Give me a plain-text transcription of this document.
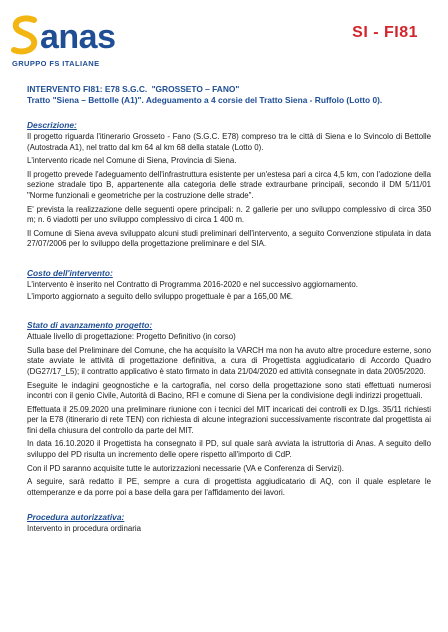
anas
GRUPPO FS ITALIANE
SI - FI81
INTERVENTO FI81: E78 S.G.C. "GROSSETO – FANO"
Tratto "Siena – Bettolle (A1)". Adeguamento a 4 corsie del Tratto Siena - Ruffolo (Lotto 0).
Descrizione:
Il progetto riguarda l'itinerario Grosseto - Fano (S.G.C. E78) compreso tra le città di Siena e lo Svincolo di Bettolle (Autostrada A1), nel tratto dal km 64 al km 68 della statale (Lotto 0).
L'intervento ricade nel Comune di Siena, Provincia di Siena.
Il progetto prevede l'adeguamento dell'infrastruttura esistente per un'estesa pari a circa 4,5 km, con l'adozione della sezione stradale tipo B, appartenente alla categoria delle strade extraurbane principali, secondo il DM 5/11/01 "Norme funzionali e geometriche per la costruzione delle strade".
E' prevista la realizzazione delle seguenti opere principali: n. 2 gallerie per uno sviluppo complessivo di circa 350 m; n. 6 viadotti per uno sviluppo complessivo di circa 1 400 m.
Il Comune di Siena aveva sviluppato alcuni studi preliminari dell'intervento, a seguito Convenzione stipulata in data 27/07/2006 per lo sviluppo della progettazione preliminare e del SIA.
Costo dell'intervento:
L'intervento è inserito nel Contratto di Programma 2016-2020 e nel successivo aggiornamento.
L'importo aggiornato a seguito dello sviluppo progettuale è par a 165,00 M€.
Stato di avanzamento progetto:
Attuale livello di progettazione: Progetto Definitivo (in corso)
Sulla base del Preliminare del Comune, che ha acquisito la VARCH ma non ha avuto altre procedure esterne, sono state avviate le attività di progettazione definitiva, a cura di Progettista aggiudicatario di Accordo Quadro (DG27/17_L5); il contratto applicativo è stato firmato in data 21/04/2020 ed attività consegnate in data 20/05/2020.
Eseguite le indagini geognostiche e la cartografia, nel corso della progettazione sono stati effettuati numerosi incontri con il genio Civile, Autorità di Bacino, RFI e comune di Siena per la condivisione degli indirizzi progettuali.
Effettuata il 25.09.2020 una preliminare riunione con i tecnici del MIT incaricati dei controlli ex D.lgs. 35/11 richiesti per la E78 (itinerario di rete TEN) con richiesta di alcune integrazioni successivamente riscontrate dal progettista ai fini della chiusura del controllo da parte del MIT.
In data 16.10.2020 il Progettista ha consegnato il PD, sul quale sarà avviata la istruttoria di Anas. A seguito dello sviluppo del PD risulta un incremento delle opere rispetto all'importo di CdP.
Con il PD saranno acquisite tutte le autorizzazioni necessarie (VA e Conferenza di Servizi).
A seguire, sarà redatto il PE, sempre a cura di progettista aggiudicatario di AQ, con il quale espletare le ottemperanze e da porre poi a base della gara per l'affidamento dei lavori.
Procedura autorizzativa:
Intervento in procedura ordinaria
